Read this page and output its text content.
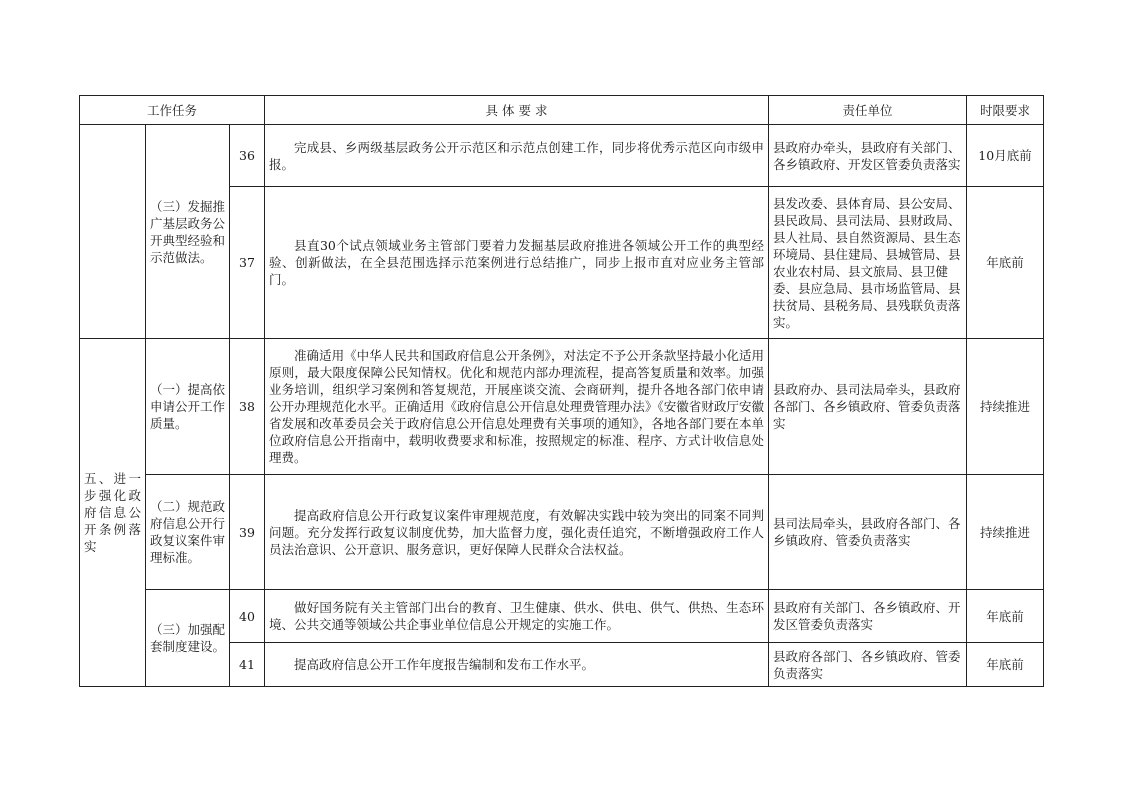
工作任务			具 体 要 求	责任单位	时限要求
	（三）发掘推广基层政务公开典型经验和示范做法。	36	完成县、乡两级基层政务公开示范区和示范点创建工作，同步将优秀示范区向市级申报。	县政府办牵头，县政府有关部门、各乡镇政府、开发区管委负责落实	10月底前
		37	县直30个试点领域业务主管部门要着力发掘基层政府推进各领域公开工作的典型经验、创新做法，在全县范围选择示范案例进行总结推广，同步上报市直对应业务主管部门。	县发改委、县体育局、县公安局、县民政局、县司法局、县财政局、县人社局、县自然资源局、县生态环境局、县住建局、县城管局、县农业农村局、县文旅局、县卫健委、县应急局、县市场监管局、县扶贫局、县税务局、县残联负责落实。	年底前
五、进一步强化政府信息公开条例落实	（一）提高依申请公开工作质量。	38	准确适用《中华人民共和国政府信息公开条例》，对法定不予公开条款坚持最小化适用原则，最大限度保障公民知情权。优化和规范内部办理流程，提高答复质量和效率。加强业务培训，组织学习案例和答复规范，开展座谈交流、会商研判，提升各地各部门依申请公开办理规范化水平。正确适用《政府信息公开信息处理费管理办法》《安徽省财政厅安徽省发展和改革委员会关于政府信息公开信息处理费有关事项的通知》，各地各部门要在本单位政府信息公开指南中，载明收费要求和标准，按照规定的标准、程序、方式计收信息处理费。	县政府办、县司法局牵头，县政府各部门、各乡镇政府、管委负责落实	持续推进
	（二）规范政府信息公开行政复议案件审理标准。	39	提高政府信息公开行政复议案件审理规范度，有效解决实践中较为突出的同案不同判问题。充分发挥行政复议制度优势，加大监督力度，强化责任追究，不断增强政府工作人员法治意识、公开意识、服务意识，更好保障人民群众合法权益。	县司法局牵头，县政府各部门、各乡镇政府、管委负责落实	持续推进
	（三）加强配套制度建设。	40	做好国务院有关主管部门出台的教育、卫生健康、供水、供电、供气、供热、生态环境、公共交通等领域公共企事业单位信息公开规定的实施工作。	县政府有关部门、各乡镇政府、开发区管委负责落实	年底前
		41	提高政府信息公开工作年度报告编制和发布工作水平。	县政府各部门、各乡镇政府、管委负责落实	年底前
